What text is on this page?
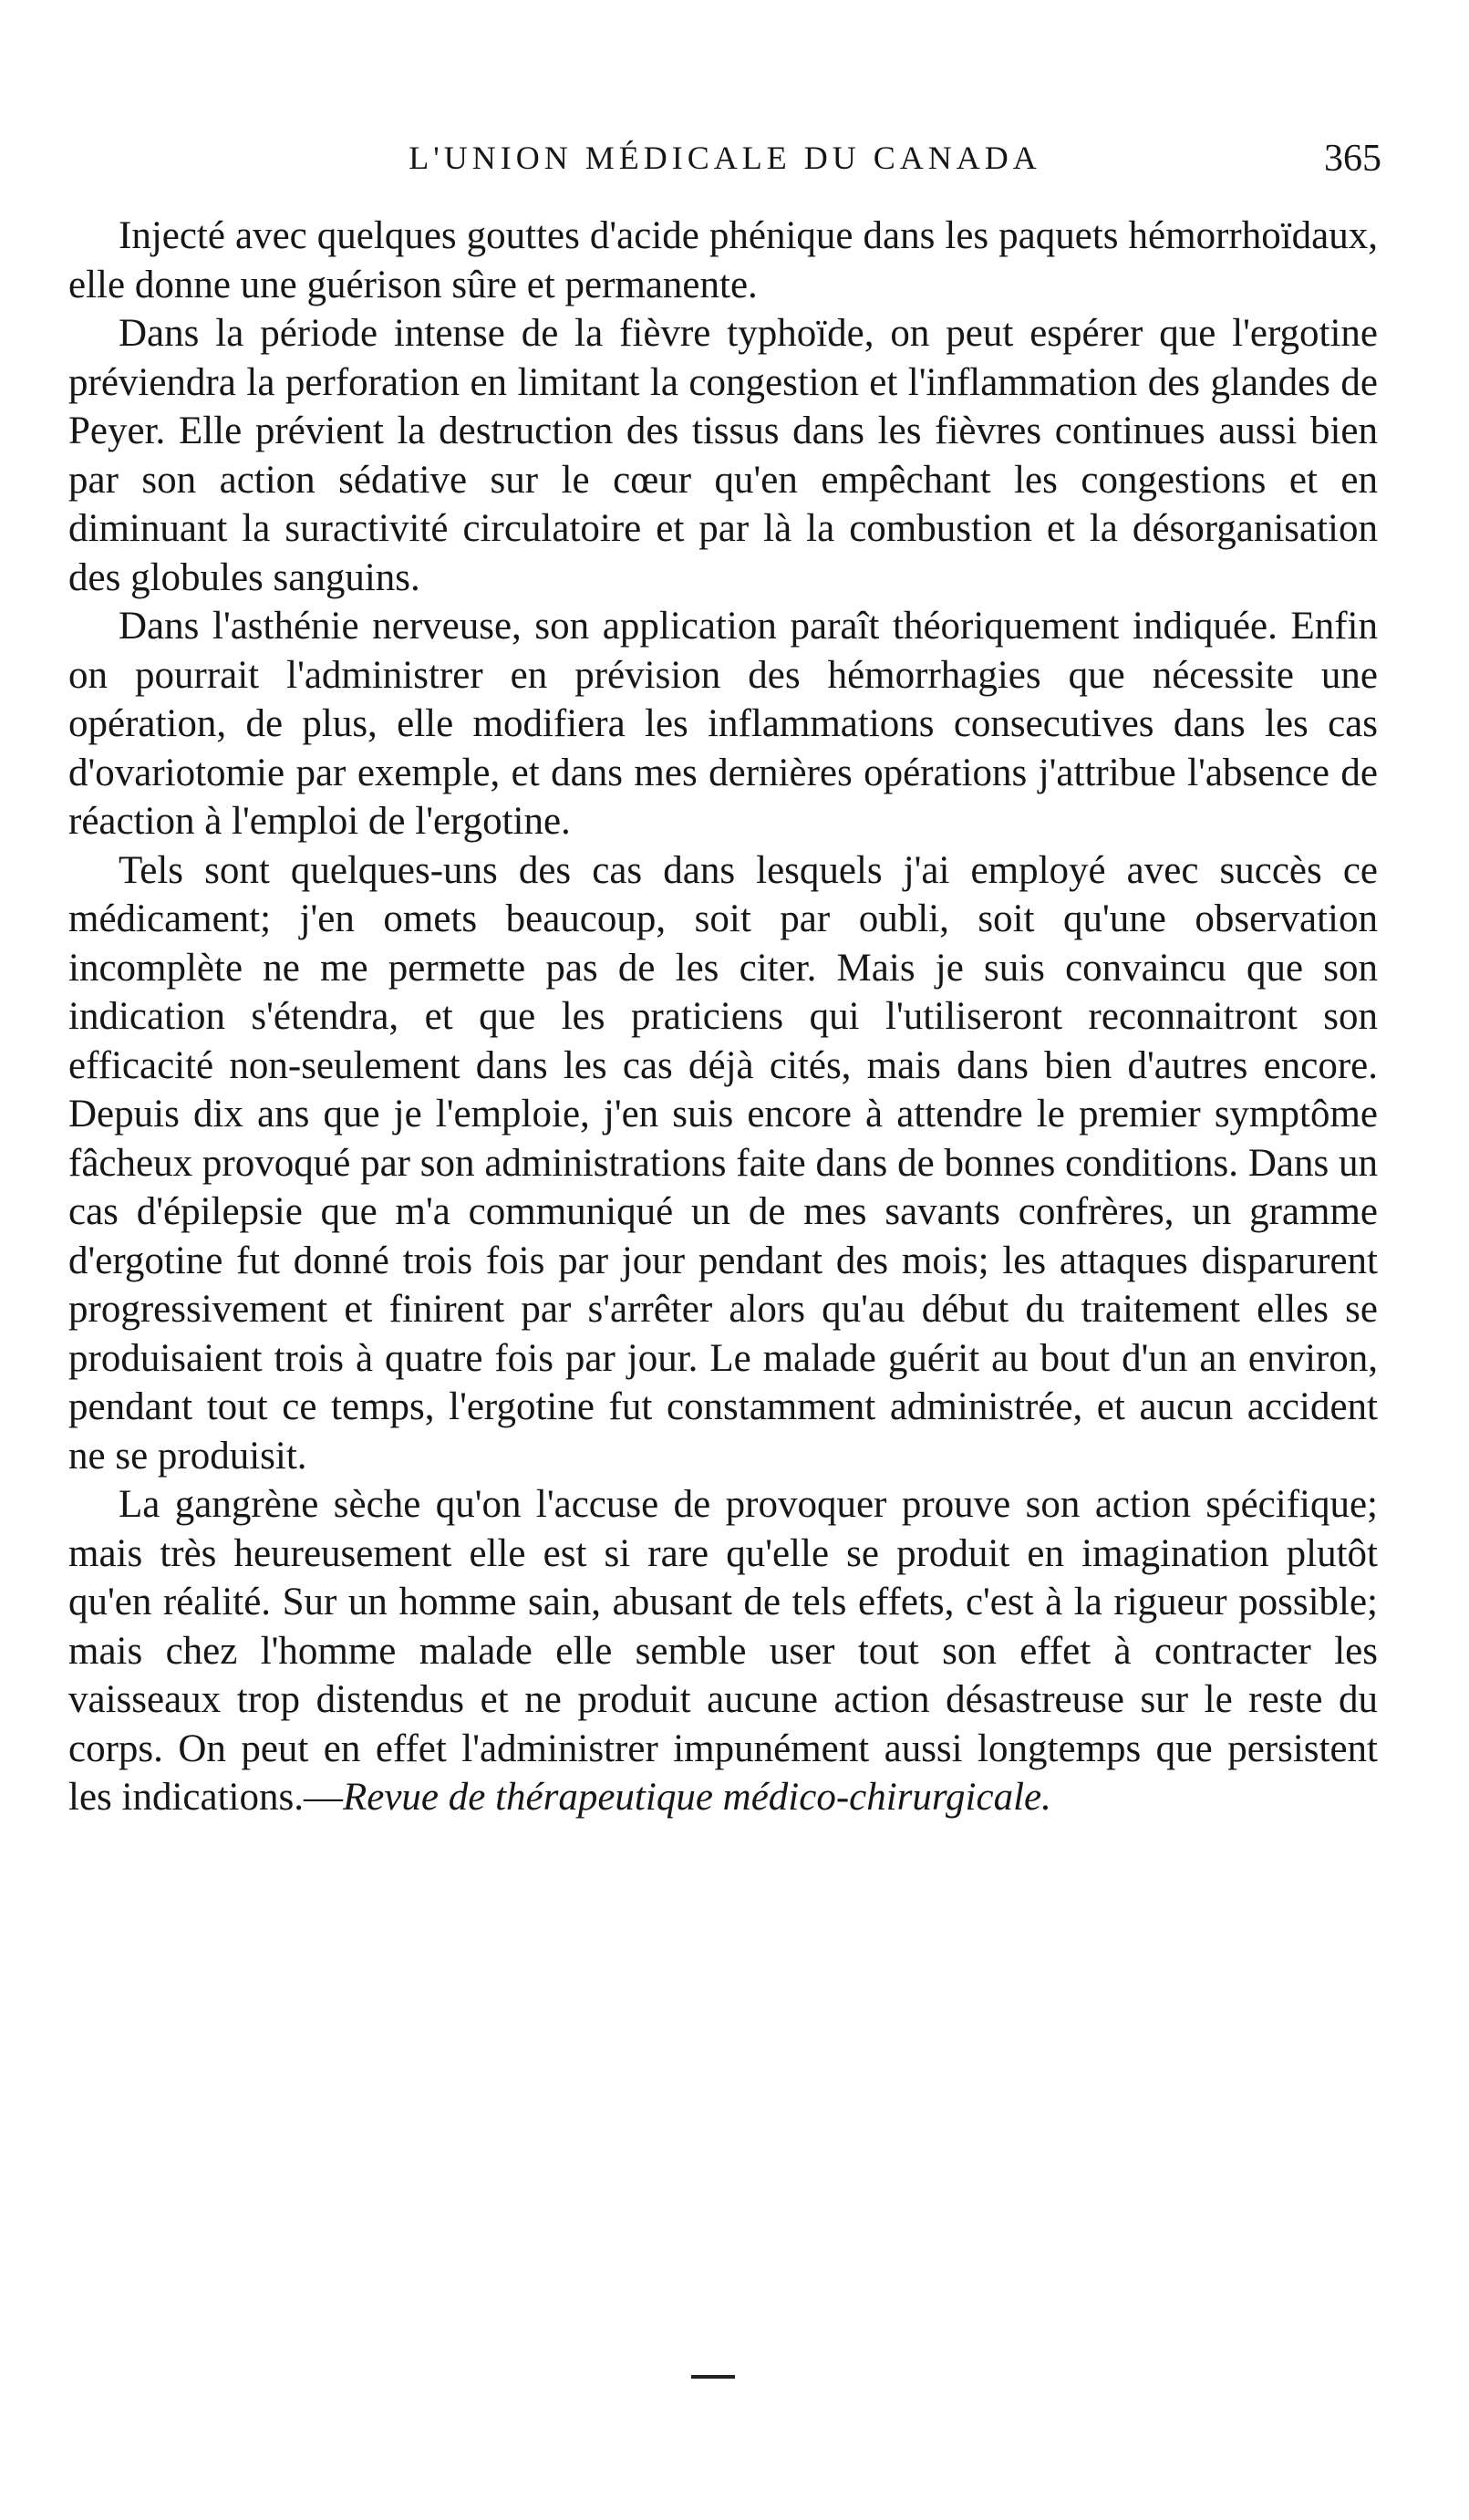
L'UNION MÉDICALE DU CANADA	365

Injecté avec quelques gouttes d'acide phénique dans les paquets hémorrhoïdaux, elle donne une guérison sûre et permanente.

Dans la période intense de la fièvre typhoïde, on peut espérer que l'ergotine préviendra la perforation en limitant la congestion et l'inflammation des glandes de Peyer. Elle prévient la destruction des tissus dans les fièvres continues aussi bien par son action sédative sur le cœur qu'en empêchant les congestions et en diminuant la suractivité circulatoire et par là la combustion et la désorganisation des globules sanguins.

Dans l'asthénie nerveuse, son application paraît théoriquement indiquée. Enfin on pourrait l'administrer en prévision des hémorrhagies que nécessite une opération, de plus, elle modifiera les inflammations consecutives dans les cas d'ovariotomie par exemple, et dans mes dernières opérations j'attribue l'absence de réaction à l'emploi de l'ergotine.

Tels sont quelques-uns des cas dans lesquels j'ai employé avec succès ce médicament; j'en omets beaucoup, soit par oubli, soit qu'une observation incomplète ne me permette pas de les citer. Mais je suis convaincu que son indication s'étendra, et que les praticiens qui l'utiliseront reconnaitront son efficacité non-seulement dans les cas déjà cités, mais dans bien d'autres encore. Depuis dix ans que je l'emploie, j'en suis encore à attendre le premier symptôme fâcheux provoqué par son administrations faite dans de bonnes conditions. Dans un cas d'épilepsie que m'a communiqué un de mes savants confrères, un gramme d'ergotine fut donné trois fois par jour pendant des mois; les attaques disparurent progressivement et finirent par s'arrêter alors qu'au début du traitement elles se produisaient trois à quatre fois par jour. Le malade guérit au bout d'un an environ, pendant tout ce temps, l'ergotine fut constamment administrée, et aucun accident ne se produisit.

La gangrène sèche qu'on l'accuse de provoquer prouve son action spécifique; mais très heureusement elle est si rare qu'elle se produit en imagination plutôt qu'en réalité. Sur un homme sain, abusant de tels effets, c'est à la rigueur possible; mais chez l'homme malade elle semble user tout son effet à contracter les vaisseaux trop distendus et ne produit aucune action désastreuse sur le reste du corps. On peut en effet l'administrer impunément aussi longtemps que persistent les indications.—Revue de thérapeutique médico-chirurgicale.
